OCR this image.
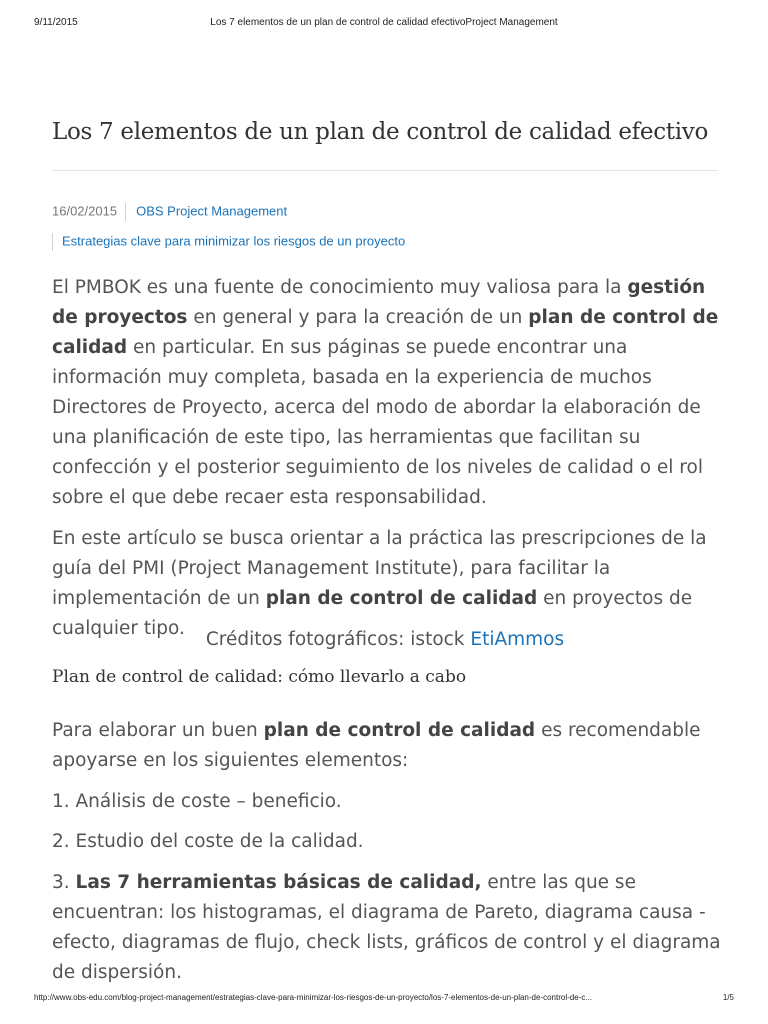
9/11/2015	Los 7 elementos de un plan de control de calidad efectivoProject Management
Los 7 elementos de un plan de control de calidad efectivo
16/02/2015 OBS Project Management
Estrategias clave para minimizar los riesgos de un proyecto

El PMBOK es una fuente de conocimiento muy valiosa para la gestión de proyectos en general y para la creación de un plan de control de calidad en particular. En sus páginas se puede encontrar una información muy completa, basada en la experiencia de muchos Directores de Proyecto, acerca del modo de abordar la elaboración de una planificación de este tipo, las herramientas que facilitan su confección y el posterior seguimiento de los niveles de calidad o el rol sobre el que debe recaer esta responsabilidad.

En este artículo se busca orientar a la práctica las prescripciones de la guía del PMI (Project Management Institute), para facilitar la implementación de un plan de control de calidad en proyectos de cualquier tipo.

Créditos fotográficos: istock EtiAmmos
Plan de control de calidad: cómo llevarlo a cabo

Para elaborar un buen plan de control de calidad es recomendable apoyarse en los siguientes elementos:

1. Análisis de coste – beneficio.

2. Estudio del coste de la calidad.

3. Las 7 herramientas básicas de calidad, entre las que se encuentran: los histogramas, el diagrama de Pareto, diagrama causa -efecto, diagramas de flujo, check lists, gráficos de control y el diagrama de dispersión.

http://www.obs-edu.com/blog-project-management/estrategias-clave-para-minimizar-los-riesgos-de-un-proyecto/los-7-elementos-de-un-plan-de-control-de-c...	1/5
